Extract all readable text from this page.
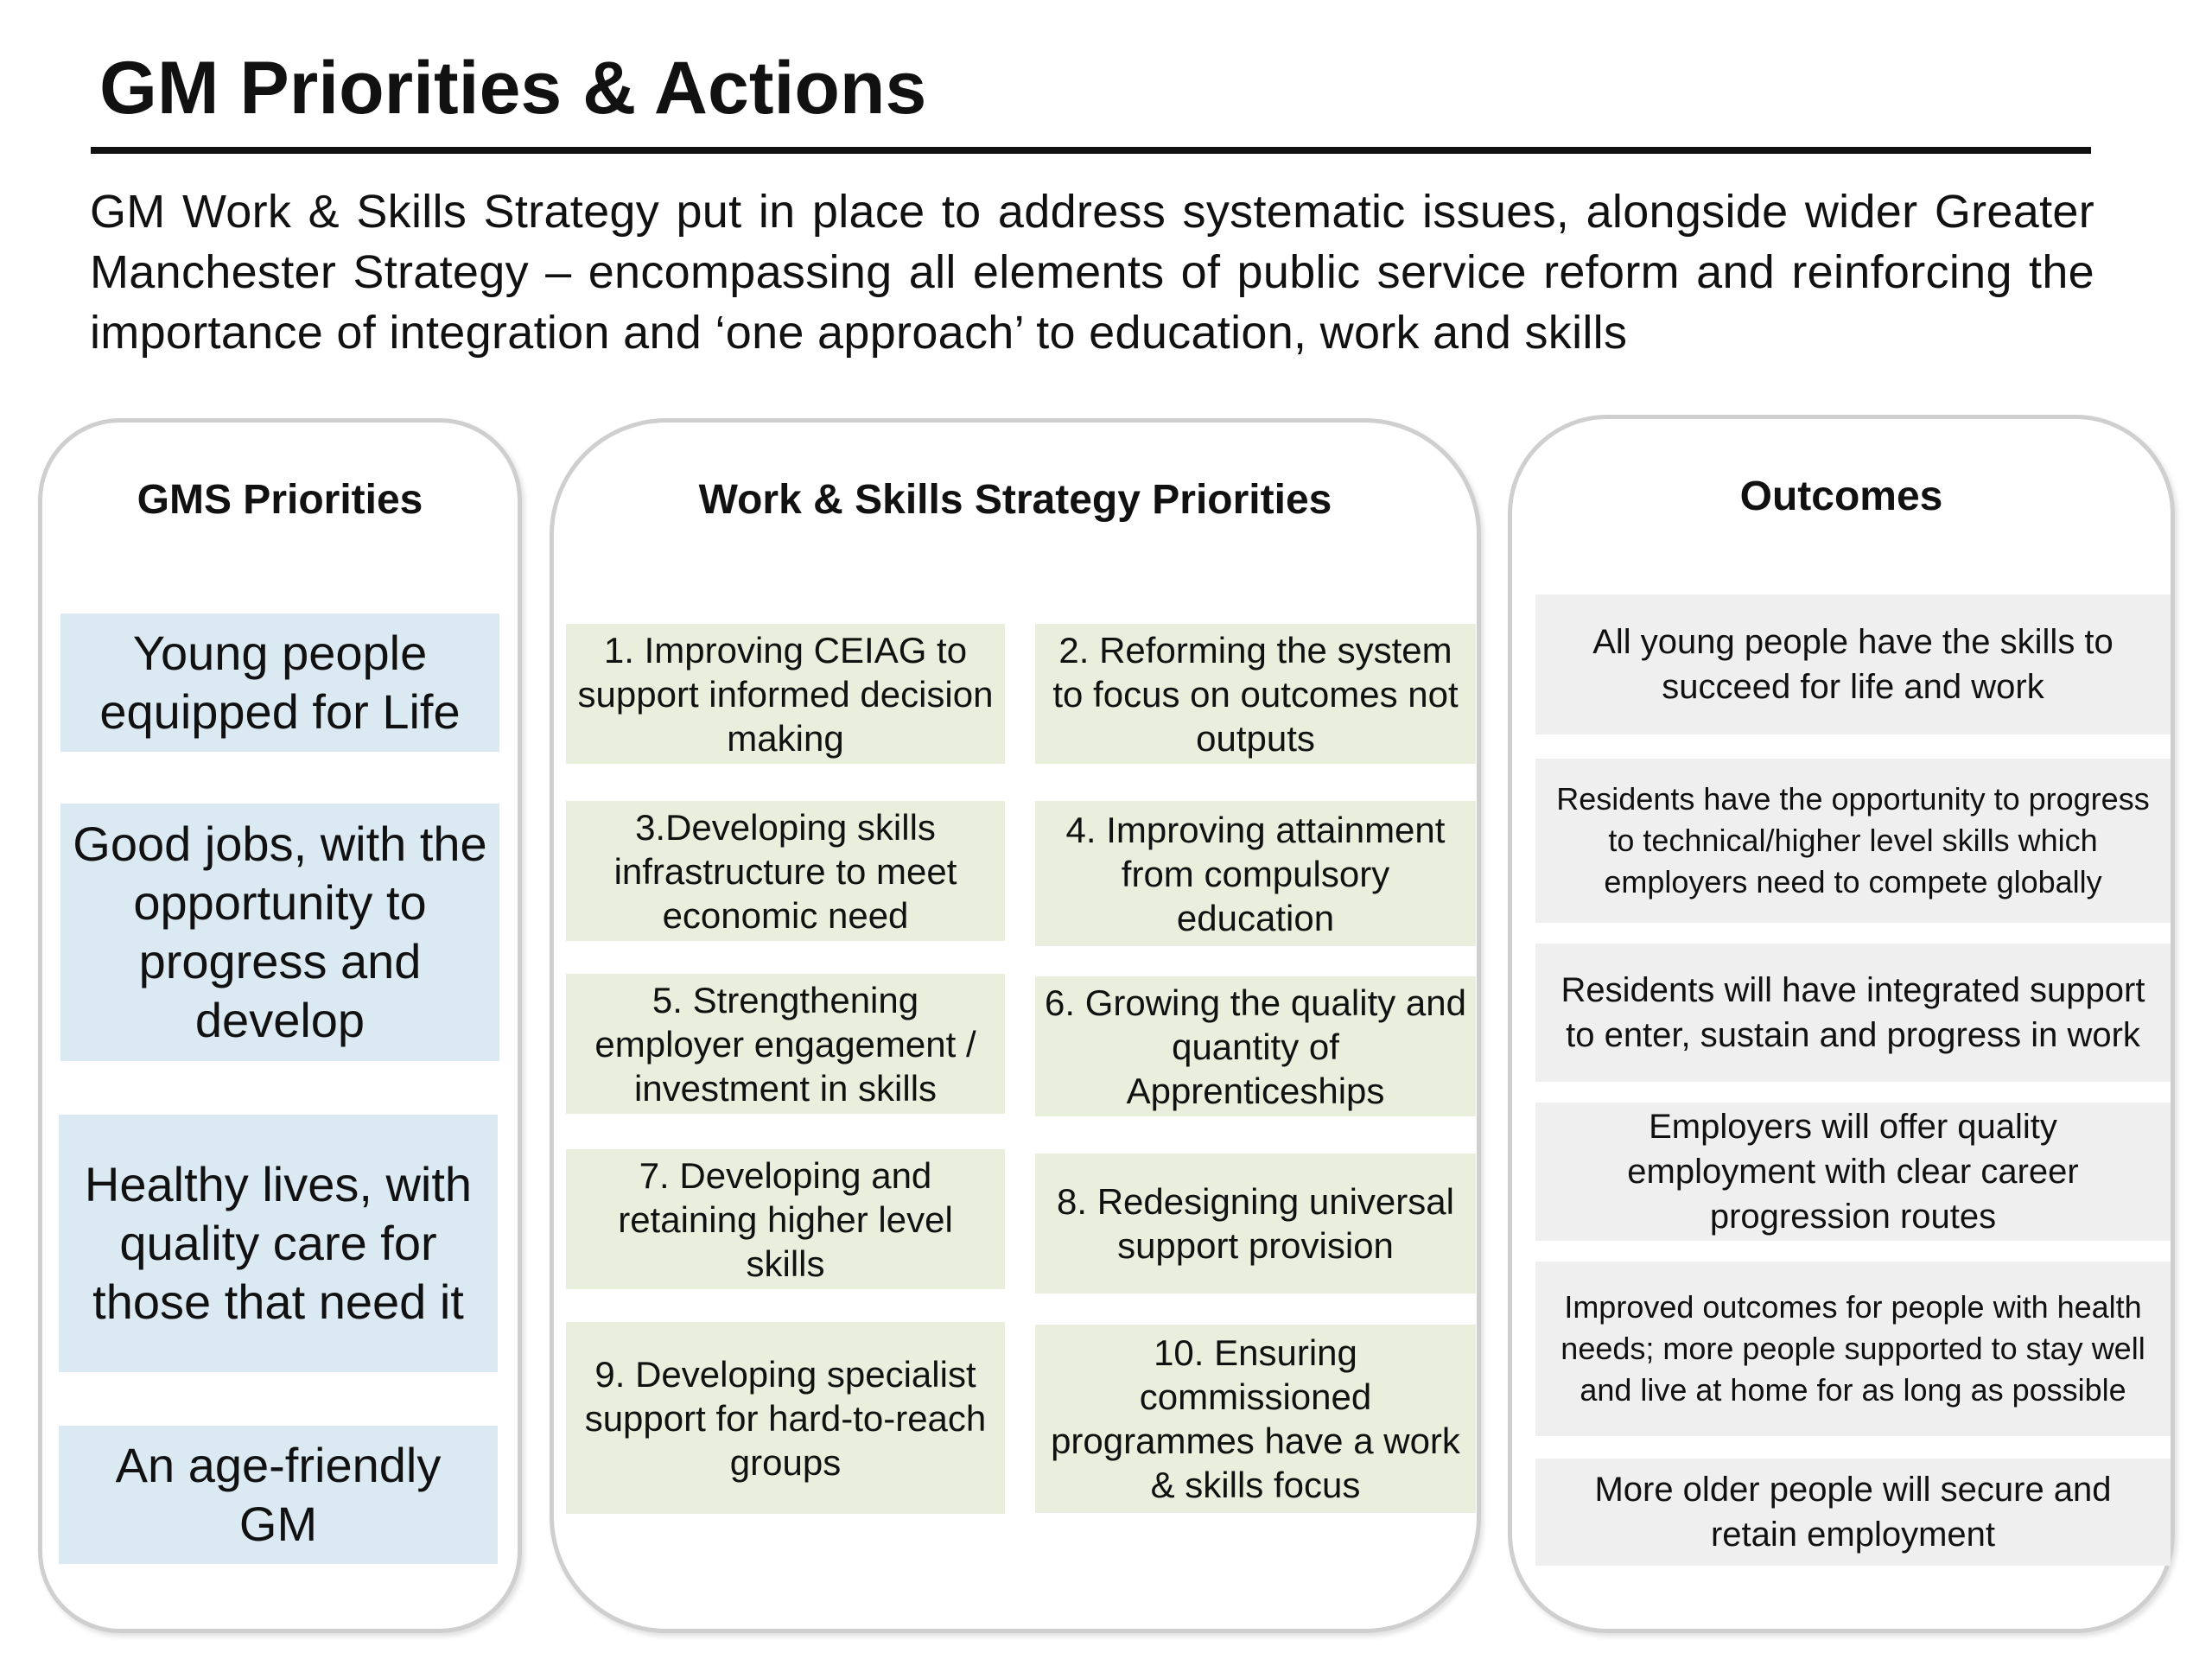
GM Priorities & Actions
GM Work & Skills Strategy put in place to address systematic issues, alongside wider Greater Manchester Strategy – encompassing all elements of public service reform and reinforcing the importance of integration and ‘one approach’ to education, work and skills
GMS Priorities
Young people equipped for Life
Good jobs, with the opportunity to progress and develop
Healthy lives, with quality care for those that need it
An age-friendly GM
Work & Skills Strategy Priorities
1. Improving CEIAG to support informed decision making
2. Reforming the system to focus on outcomes not outputs
3.Developing skills infrastructure to meet economic need
4. Improving attainment from compulsory education
5. Strengthening employer engagement / investment in skills
6. Growing the quality and quantity of Apprenticeships
7. Developing and retaining higher level skills
8. Redesigning universal support provision
9. Developing specialist support for hard-to-reach groups
10. Ensuring commissioned programmes have a work & skills focus
Outcomes
All young people have the skills to succeed for life and work
Residents have the opportunity to progress to technical/higher level skills which employers need to compete globally
Residents will have integrated support to enter, sustain and progress in work
Employers will offer quality employment with clear career progression routes
Improved outcomes for people with health needs; more people supported to stay well and live at home for as long as possible
More older people will secure and retain employment
